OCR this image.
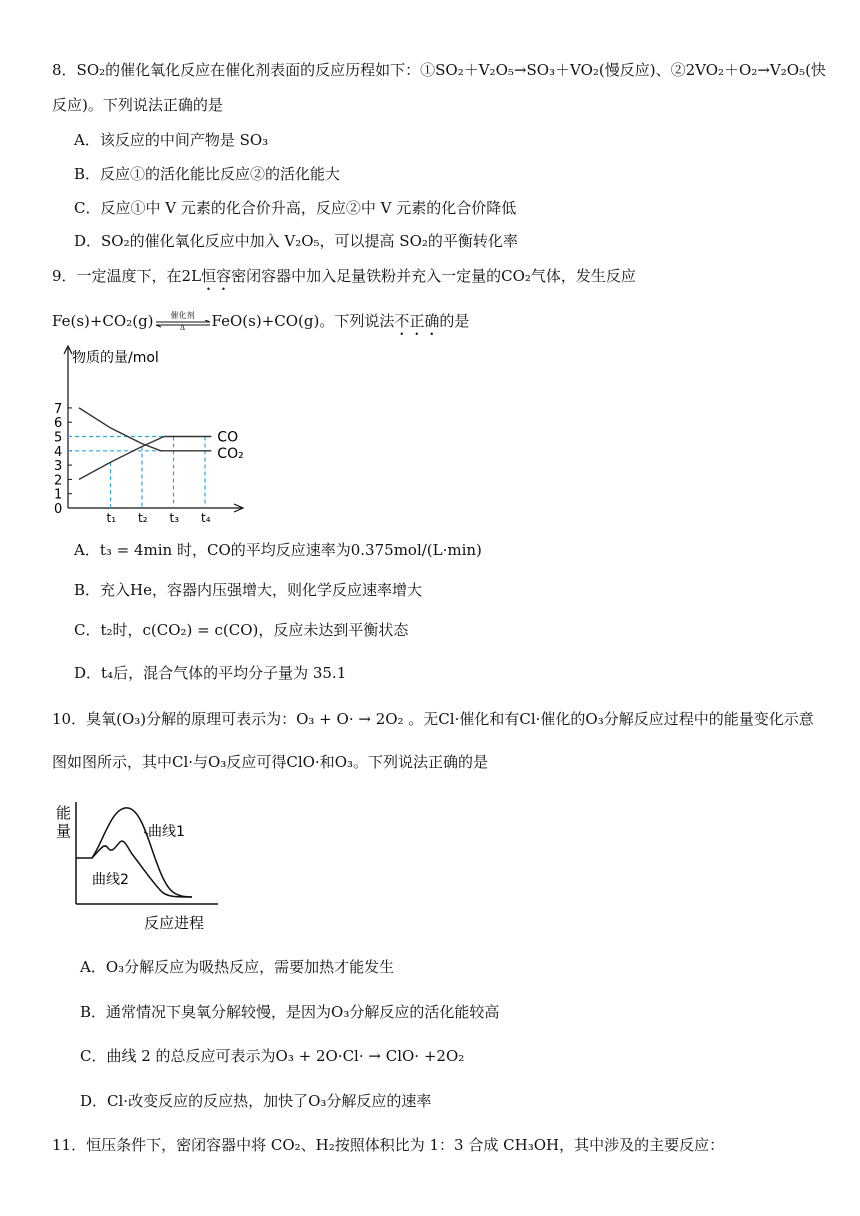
8．SO₂的催化氧化反应在催化剂表面的反应历程如下：①SO₂＋V₂O₅→SO₃＋VO₂(慢反应)、②2VO₂＋O₂→V₂O₅(快
反应)。下列说法正确的是
A．该反应的中间产物是 SO₃
B．反应①的活化能比反应②的活化能大
C．反应①中 V 元素的化合价升高，反应②中 V 元素的化合价降低
D．SO₂的催化氧化反应中加入 V₂O₅，可以提高 SO₂的平衡转化率
9．一定温度下，在2L恒容密闭容器中加入足量铁粉并充入一定量的CO₂气体，发生反应
Fe(s)+CO₂(g)	催化剂
Δ	FeO(s)+CO(g)。下列说法不正确的是
物质的量/mol
0
1
2
3
4
5
6
7
t₁ t₂ t₃ t₄
CO
CO₂
A．t₃ = 4min 时，CO的平均反应速率为0.375mol/(L·min)
B．充入He，容器内压强增大，则化学反应速率增大
C．t₂时，c(CO₂) = c(CO)，反应未达到平衡状态
D．t₄后，混合气体的平均分子量为 35.1
10．臭氧(O₃)分解的原理可表示为：O₃ + O· → 2O₂ 。无Cl·催化和有Cl·催化的O₃分解反应过程中的能量变化示意
图如图所示，其中Cl·与O₃反应可得ClO·和O₃。下列说法正确的是
能
量	曲线1
曲线2
反应进程
A．O₃分解反应为吸热反应，需要加热才能发生
B．通常情况下臭氧分解较慢，是因为O₃分解反应的活化能较高
C．曲线 2 的总反应可表示为O₃ + 2O·Cl· → ClO· +2O₂
D．Cl·改变反应的反应热，加快了O₃分解反应的速率
11．恒压条件下，密闭容器中将 CO₂、H₂按照体积比为 1：3 合成 CH₃OH，其中涉及的主要反应：
